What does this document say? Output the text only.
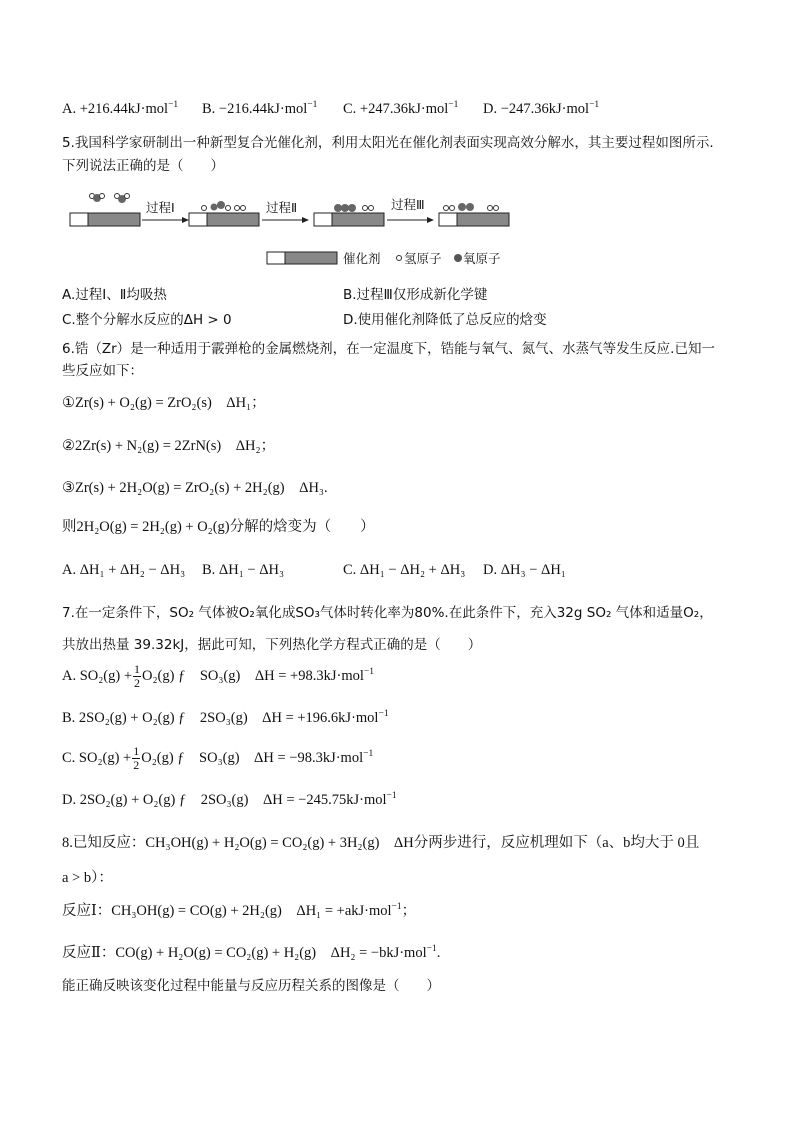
A. +216.44kJ·mol$^{-1}$ B. −216.44kJ·mol$^{-1}$ C. +247.36kJ·mol$^{-1}$ D. −247.36kJ·mol$^{-1}$
5.我国科学家研制出一种新型复合光催化剂，利用太阳光在催化剂表面实现高效分解水，其主要过程如图所示.
下列说法正确的是（　　）
过程Ⅰ	过程Ⅱ	过程Ⅲ
催化剂 氢原子 氧原子
A.过程Ⅰ、Ⅱ均吸热	B.过程Ⅲ仅形成新化学键
C.整个分解水反应的ΔH > 0	D.使用催化剂降低了总反应的焓变
6.锆（Zr）是一种适用于霰弹枪的金属燃烧剂，在一定温度下，锆能与氧气、氮气、水蒸气等发生反应.已知一
些反应如下：
①Zr(s) + O₂(g) = ZrO₂(s)　ΔH₁；
②2Zr(s) + N₂(g) = 2ZrN(s)　ΔH₂；
③Zr(s) + 2H₂O(g) = ZrO₂(s) + 2H₂(g)　ΔH₃.
则2H₂O(g) = 2H₂(g) + O₂(g)分解的焓变为（　　）
A. ΔH₁ + ΔH₂ − ΔH₃ B. ΔH₁ − ΔH₃	C. ΔH₁ − ΔH₂ + ΔH₃ D. ΔH₃ − ΔH₁
7.在一定条件下，SO₂ 气体被O₂氧化成SO₃气体时转化率为80%.在此条件下，充入32g SO₂ 气体和适量O₂，
共放出热量 39.32kJ，据此可知，下列热化学方程式正确的是（　　）
A. $SO_2(g) + \frac{1}{2} O_2(g)$ ƒ　SO₃(g)　ΔH = +98.3kJ·mol$^{-1}$
B. 2SO₂(g) + O₂(g) ƒ　2SO₃(g)　ΔH = +196.6kJ·mol$^{-1}$
C. $SO_2(g) + \frac{1}{2} O_2(g)$ ƒ　SO₃(g)　ΔH = −98.3kJ·mol$^{-1}$
D. 2SO₂(g) + O₂(g) ƒ　2SO₃(g)　ΔH = −245.75kJ·mol$^{-1}$
8.已知反应：CH₃OH(g) + H₂O(g) = CO₂(g) + 3H₂(g)　ΔH分两步进行，反应机理如下（a、b均大于 0且
a > b）：
反应Ⅰ：CH₃OH(g) = CO(g) + 2H₂(g)　ΔH₁ = +akJ·mol$^{-1}$；
反应Ⅱ：CO(g) + H₂O(g) = CO₂(g) + H₂(g)　ΔH₂ = −bkJ·mol$^{-1}$.
能正确反映该变化过程中能量与反应历程关系的图像是（　　）
